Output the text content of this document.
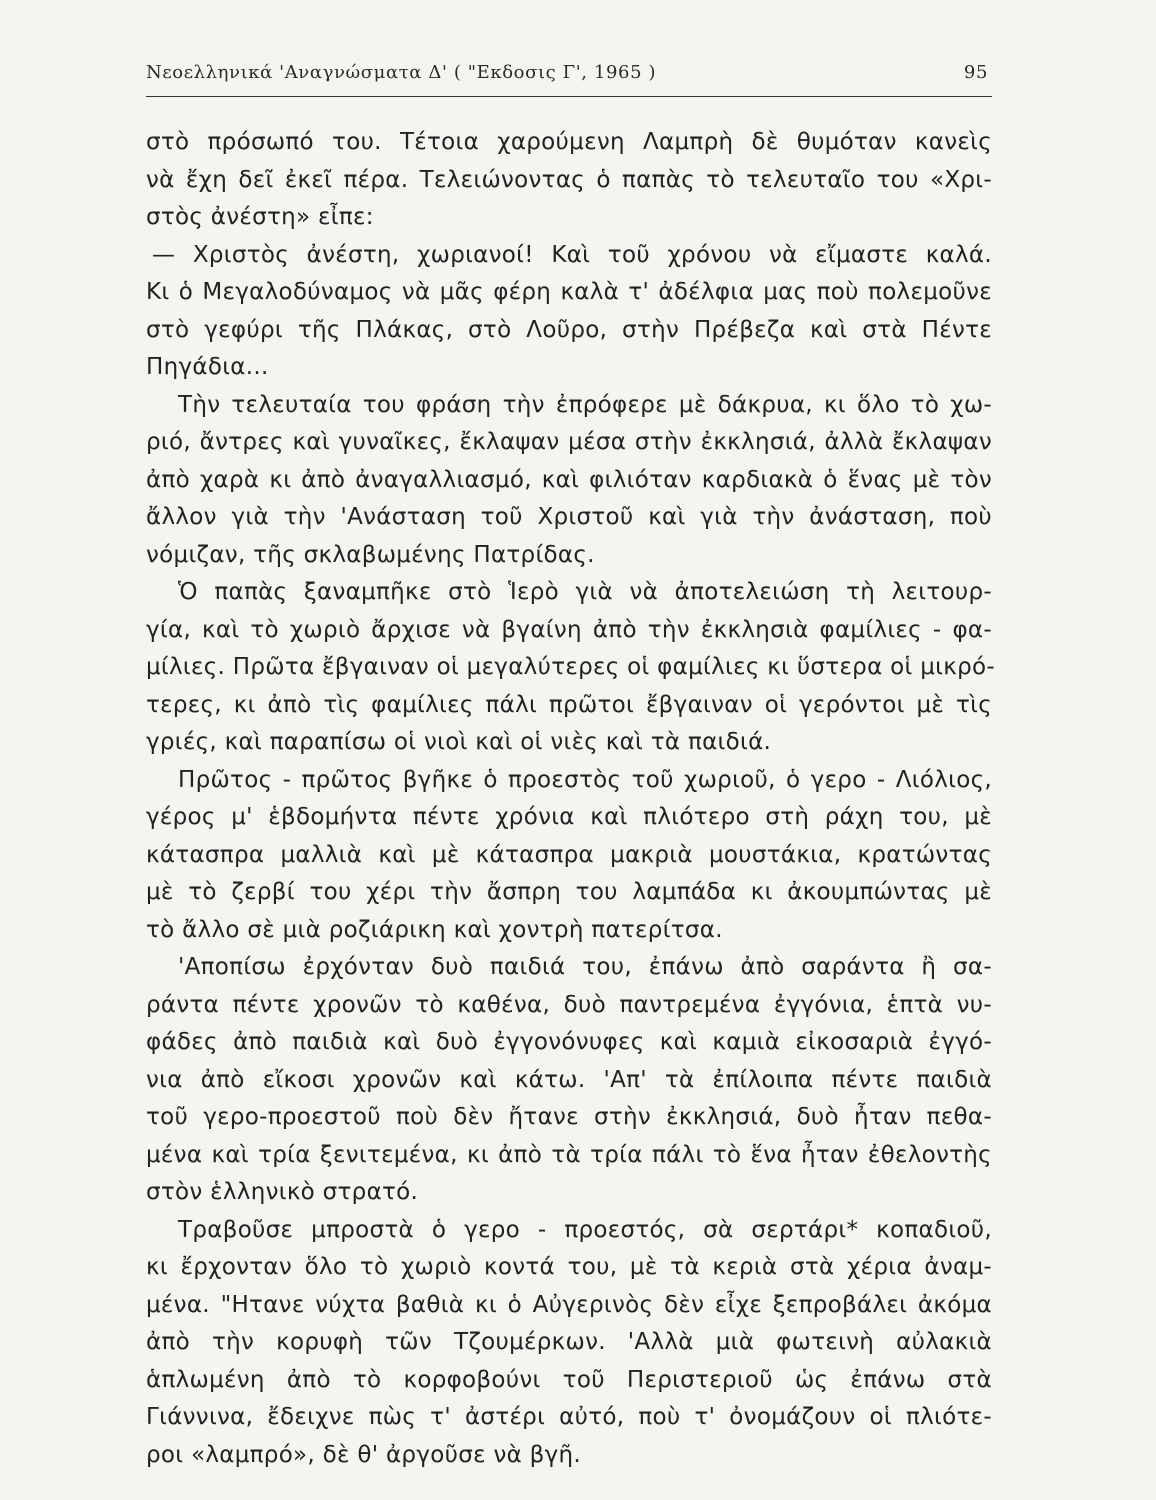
Νεοελληνικά 'Αναγνώσματα Δ' ( "Εκδοσις Γ', 1965 )	95
στὸ πρόσωπό του. Τέτοια χαρούμενη Λαμπρὴ δὲ θυμόταν κανεὶς
νὰ ἔχη δεῖ ἐκεῖ πέρα. Τελειώνοντας ὁ παπὰς τὸ τελευταῖο του «Χρι-
στὸς ἀνέστη» εἶπε:
— Χριστὸς ἀνέστη, χωριανοί! Καὶ τοῦ χρόνου νὰ εἴμαστε καλά.
Κι ὁ Μεγαλοδύναμος νὰ μᾶς φέρη καλὰ τ' ἀδέλφια μας ποὺ πολεμοῦνε
στὸ γεφύρι τῆς Πλάκας, στὸ Λοῦρο, στὴν Πρέβεζα καὶ στὰ Πέντε
Πηγάδια...
Τὴν τελευταία του φράση τὴν ἐπρόφερε μὲ δάκρυα, κι ὅλο τὸ χω-
ριό, ἄντρες καὶ γυναῖκες, ἔκλαψαν μέσα στὴν ἐκκλησιά, ἀλλὰ ἔκλαψαν
ἀπὸ χαρὰ κι ἀπὸ ἀναγαλλιασμό, καὶ φιλιόταν καρδιακὰ ὁ ἕνας μὲ τὸν
ἄλλον γιὰ τὴν 'Ανάσταση τοῦ Χριστοῦ καὶ γιὰ τὴν ἀνάσταση, ποὺ
νόμιζαν, τῆς σκλαβωμένης Πατρίδας.
Ὁ παπὰς ξαναμπῆκε στὸ Ἱερὸ γιὰ νὰ ἀποτελειώση τὴ λειτουρ-
γία, καὶ τὸ χωριὸ ἄρχισε νὰ βγαίνη ἀπὸ τὴν ἐκκλησιὰ φαμίλιες - φα-
μίλιες. Πρῶτα ἔβγαιναν οἱ μεγαλύτερες οἱ φαμίλιες κι ὕστερα οἱ μικρό-
τερες, κι ἀπὸ τὶς φαμίλιες πάλι πρῶτοι ἔβγαιναν οἱ γερόντοι μὲ τὶς
γριές, καὶ παραπίσω οἱ νιοὶ καὶ οἱ νιὲς καὶ τὰ παιδιά.
Πρῶτος - πρῶτος βγῆκε ὁ προεστὸς τοῦ χωριοῦ, ὁ γερο - Λιόλιος,
γέρος μ' ἑβδομήντα πέντε χρόνια καὶ πλιότερο στὴ ράχη του, μὲ
κάτασπρα μαλλιὰ καὶ μὲ κάτασπρα μακριὰ μουστάκια, κρατώντας
μὲ τὸ ζερβί του χέρι τὴν ἄσπρη του λαμπάδα κι ἀκουμπώντας μὲ
τὸ ἄλλο σὲ μιὰ ροζιάρικη καὶ χοντρὴ πατερίτσα.
'Αποπίσω ἐρχόνταν δυὸ παιδιά του, ἐπάνω ἀπὸ σαράντα ἢ σα-
ράντα πέντε χρονῶν τὸ καθένα, δυὸ παντρεμένα ἐγγόνια, ἑπτὰ νυ-
φάδες ἀπὸ παιδιὰ καὶ δυὸ ἐγγονόνυφες καὶ καμιὰ εἰκοσαριὰ ἐγγό-
νια ἀπὸ εἴκοσι χρονῶν καὶ κάτω. 'Απ' τὰ ἐπίλοιπα πέντε παιδιὰ
τοῦ γερο-προεστοῦ ποὺ δὲν ἤτανε στὴν ἐκκλησιά, δυὸ ἦταν πεθα-
μένα καὶ τρία ξενιτεμένα, κι ἀπὸ τὰ τρία πάλι τὸ ἕνα ἦταν ἐθελοντὴς
στὸν ἑλληνικὸ στρατό.
Τραβοῦσε μπροστὰ ὁ γερο - προεστός, σὰ σερτάρι* κοπαδιοῦ,
κι ἔρχονταν ὅλο τὸ χωριὸ κοντά του, μὲ τὰ κεριὰ στὰ χέρια ἀναμ-
μένα. "Ητανε νύχτα βαθιὰ κι ὁ Αὐγερινὸς δὲν εἶχε ξεπροβάλει ἀκόμα
ἀπὸ τὴν κορυφὴ τῶν Τζουμέρκων. 'Αλλὰ μιὰ φωτεινὴ αὐλακιὰ
ἁπλωμένη ἀπὸ τὸ κορφοβούνι τοῦ Περιστεριοῦ ὡς ἐπάνω στὰ
Γιάννινα, ἔδειχνε πὼς τ' ἀστέρι αὐτό, ποὺ τ' ὀνομάζουν οἱ πλιότε-
ροι «λαμπρό», δὲ θ' ἀργοῦσε νὰ βγῆ.
